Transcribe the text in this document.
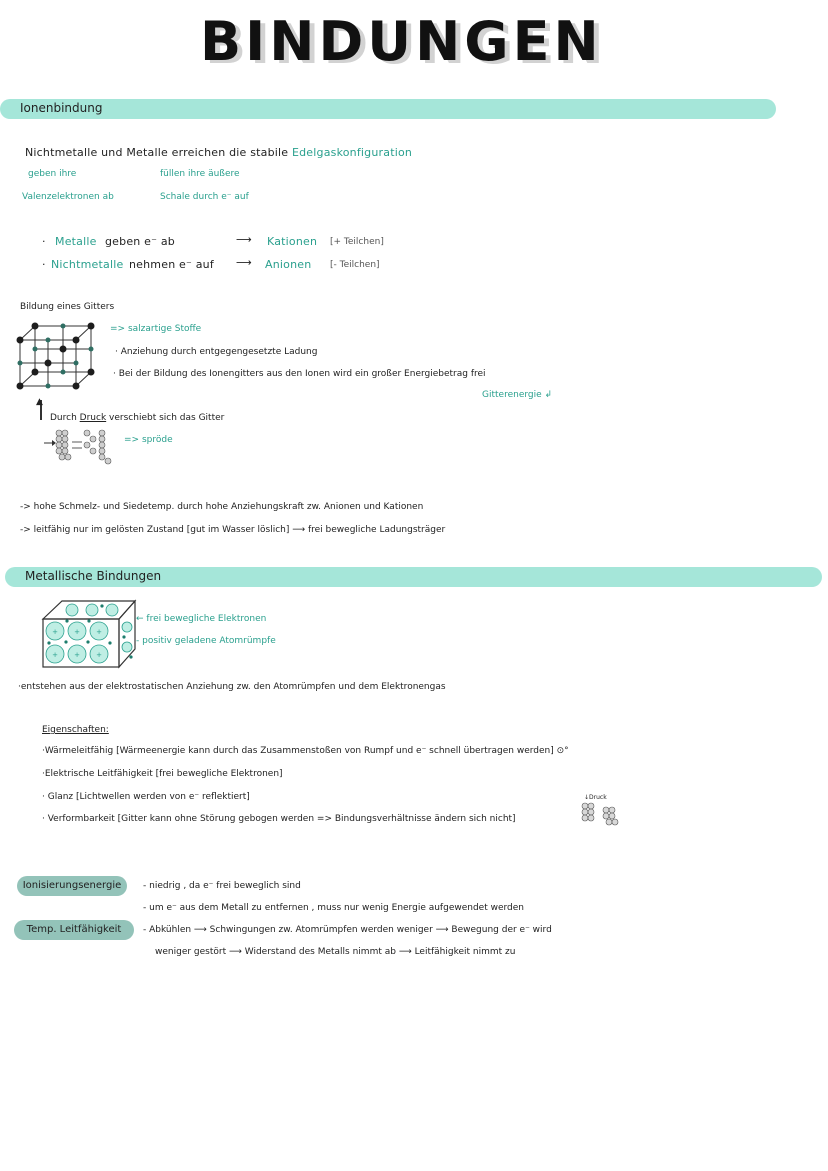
BINDUNGEN
Ionenbindung
Nichtmetalle und Metalle erreichen die stabile Edelgaskonfiguration
geben ihre
Valenzelektronen ab
füllen ihre äußere
Schale durch e⁻ auf
· Metalle geben e⁻ ab	⟶ Kationen [+ Teilchen]
· Nichtmetalle nehmen e⁻ auf ⟶ Anionen [- Teilchen]
Bildung eines Gitters
=> salzartige Stoffe
· Anziehung durch entgegengesetzte Ladung
· Bei der Bildung des Ionengitters aus den Ionen wird ein großer Energiebetrag frei
Gitterenergie ↲
▲
Durch Druck verschiebt sich das Gitter
=> spröde
-> hohe Schmelz- und Siedetemp. durch hohe Anziehungskraft zw. Anionen und Kationen
-> leitfähig nur im gelösten Zustand [gut im Wasser löslich] ⟶ frei bewegliche Ladungsträger
Metallische Bindungen
+ + +
+ + +
← frei bewegliche Elektronen
- positiv geladene Atomrümpfe
·entstehen aus der elektrostatischen Anziehung zw. den Atomrümpfen und dem Elektronengas
Eigenschaften:
·Wärmeleitfähig [Wärmeenergie kann durch das Zusammenstoßen von Rumpf und e⁻ schnell übertragen werden] ⊙°
·Elektrische Leitfähigkeit [frei bewegliche Elektronen]
· Glanz [Lichtwellen werden von e⁻ reflektiert]
· Verformbarkeit [Gitter kann ohne Störung gebogen werden => Bindungsverhältnisse ändern sich nicht]
↓Druck
Ionisierungsenergie	- niedrig , da e⁻ frei beweglich sind
- um e⁻ aus dem Metall zu entfernen , muss nur wenig Energie aufgewendet werden
Temp. Leitfähigkeit	- Abkühlen ⟶ Schwingungen zw. Atomrümpfen werden weniger ⟶ Bewegung der e⁻ wird
weniger gestört ⟶ Widerstand des Metalls nimmt ab ⟶ Leitfähigkeit nimmt zu
